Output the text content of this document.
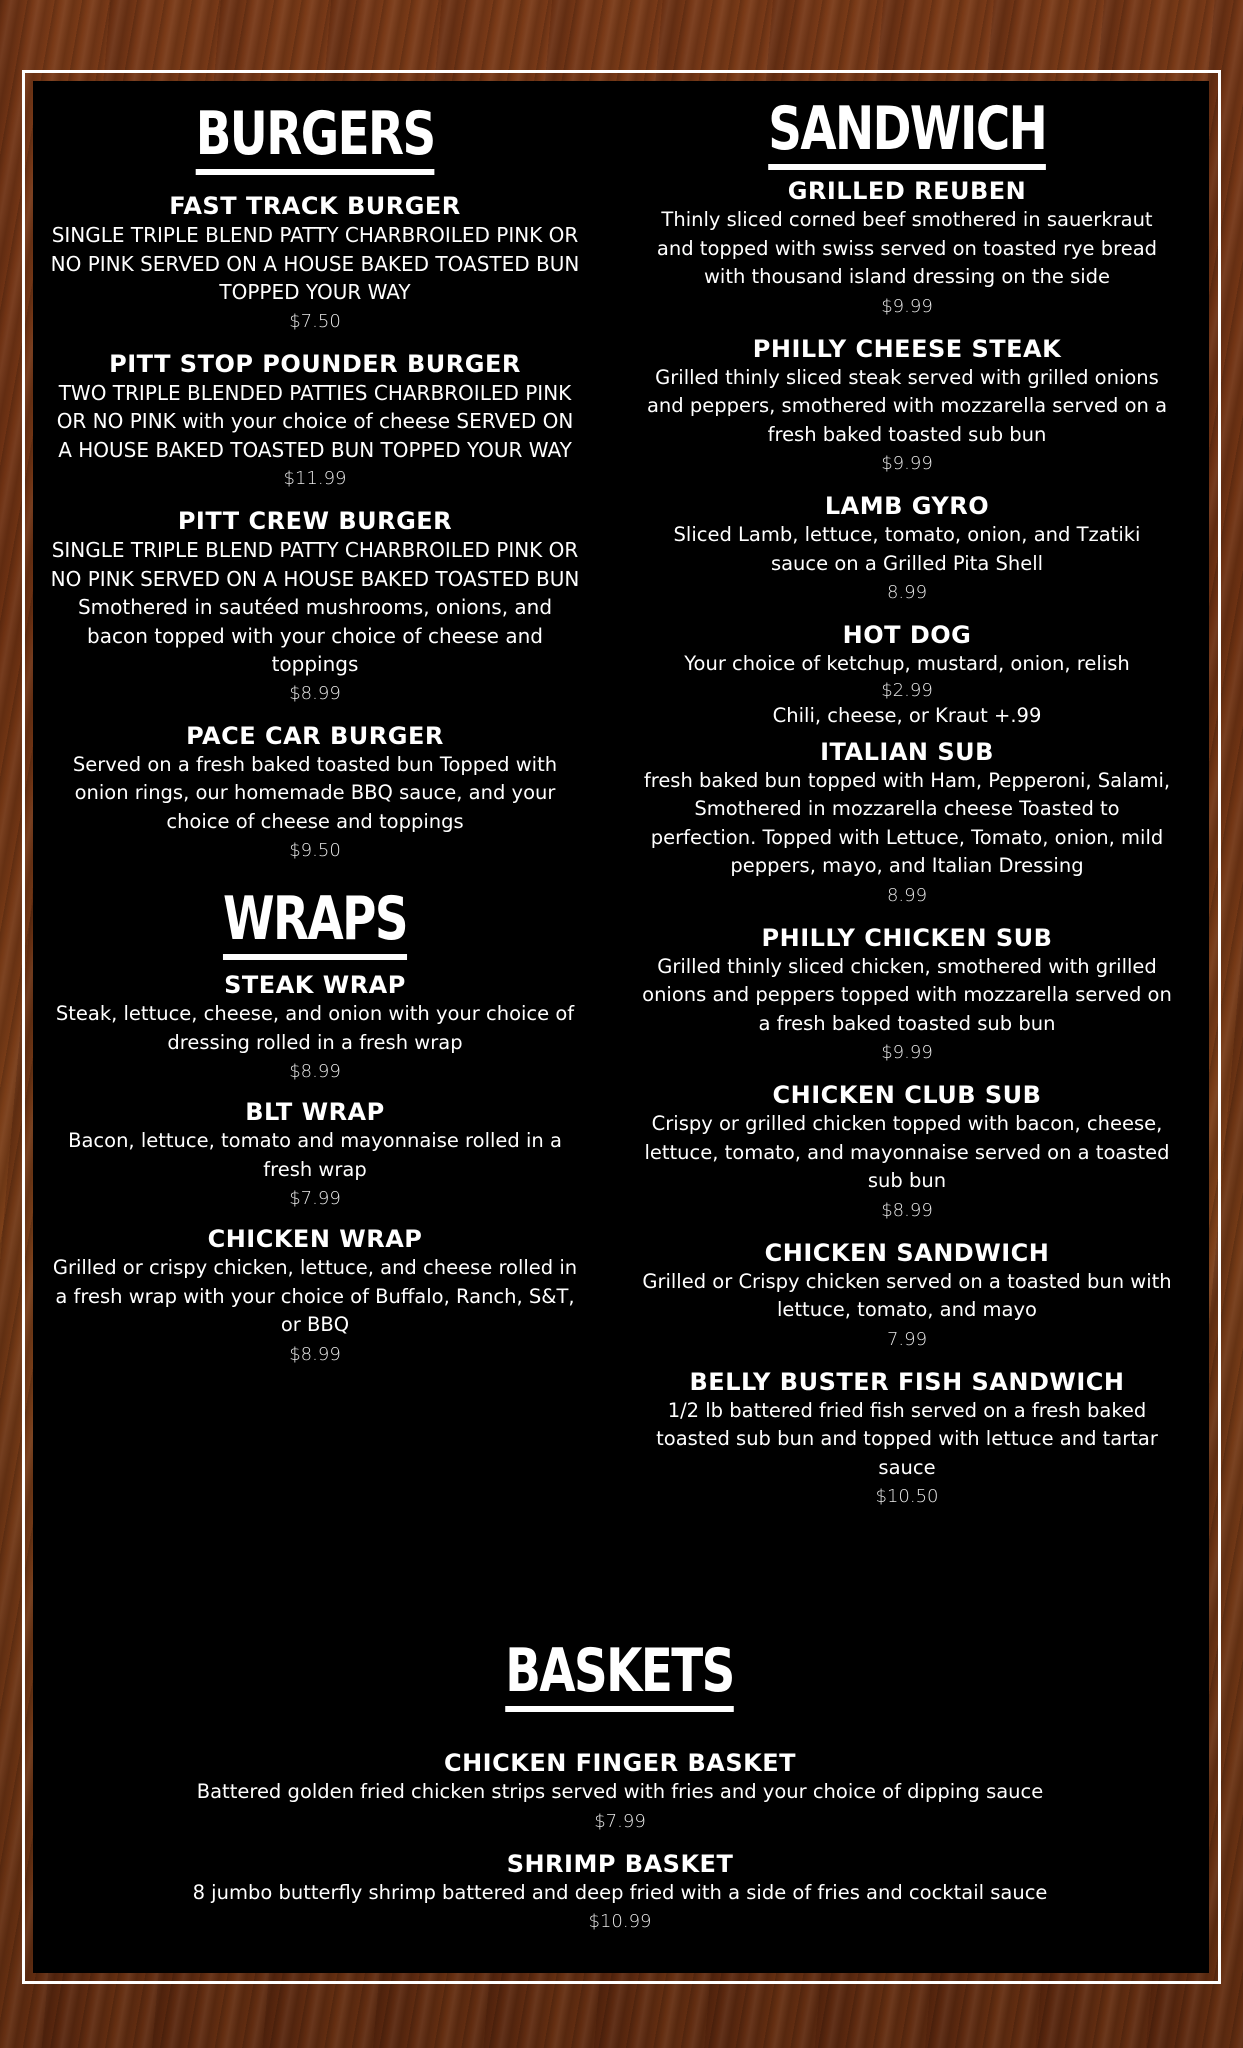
BURGERS
FAST TRACK BURGER
SINGLE TRIPLE BLEND PATTY CHARBROILED PINK OR NO PINK SERVED ON A HOUSE BAKED TOASTED BUN TOPPED YOUR WAY
$7.50
PITT STOP POUNDER BURGER
TWO TRIPLE BLENDED PATTIES CHARBROILED PINK OR NO PINK with your choice of cheese SERVED ON A HOUSE BAKED TOASTED BUN TOPPED YOUR WAY
$11.99
PITT CREW BURGER
SINGLE TRIPLE BLEND PATTY CHARBROILED PINK OR NO PINK SERVED ON A HOUSE BAKED TOASTED BUN Smothered in sautéed mushrooms, onions, and bacon topped with your choice of cheese and toppings
$8.99
PACE CAR BURGER
Served on a fresh baked toasted bun Topped with onion rings, our homemade BBQ sauce, and your choice of cheese and toppings
$9.50
WRAPS
STEAK WRAP
Steak, lettuce, cheese, and onion with your choice of dressing rolled in a fresh wrap
$8.99
BLT WRAP
Bacon, lettuce, tomato and mayonnaise rolled in a fresh wrap
$7.99
CHICKEN WRAP
Grilled or crispy chicken, lettuce, and cheese rolled in a fresh wrap with your choice of Buffalo, Ranch, S&T, or BBQ
$8.99
SANDWICH
GRILLED REUBEN
Thinly sliced corned beef smothered in sauerkraut and topped with swiss served on toasted rye bread with thousand island dressing on the side
$9.99
PHILLY CHEESE STEAK
Grilled thinly sliced steak served with grilled onions and peppers, smothered with mozzarella served on a fresh baked toasted sub bun
$9.99
LAMB GYRO
Sliced Lamb, lettuce, tomato, onion, and Tzatiki sauce on a Grilled Pita Shell
8.99
HOT DOG
Your choice of ketchup, mustard, onion, relish
$2.99
Chili, cheese, or Kraut +.99
ITALIAN SUB
fresh baked bun topped with Ham, Pepperoni, Salami, Smothered in mozzarella cheese Toasted to perfection. Topped with Lettuce, Tomato, onion, mild peppers, mayo, and Italian Dressing
8.99
PHILLY CHICKEN SUB
Grilled thinly sliced chicken, smothered with grilled onions and peppers topped with mozzarella served on a fresh baked toasted sub bun
$9.99
CHICKEN CLUB SUB
Crispy or grilled chicken topped with bacon, cheese, lettuce, tomato, and mayonnaise served on a toasted sub bun
$8.99
CHICKEN SANDWICH
Grilled or Crispy chicken served on a toasted bun with lettuce, tomato, and mayo
7.99
BELLY BUSTER FISH SANDWICH
1/2 lb battered fried fish served on a fresh baked toasted sub bun and topped with lettuce and tartar sauce
$10.50
BASKETS
CHICKEN FINGER BASKET
Battered golden fried chicken strips served with fries and your choice of dipping sauce
$7.99
SHRIMP BASKET
8 jumbo butterfly shrimp battered and deep fried with a side of fries and cocktail sauce
$10.99
